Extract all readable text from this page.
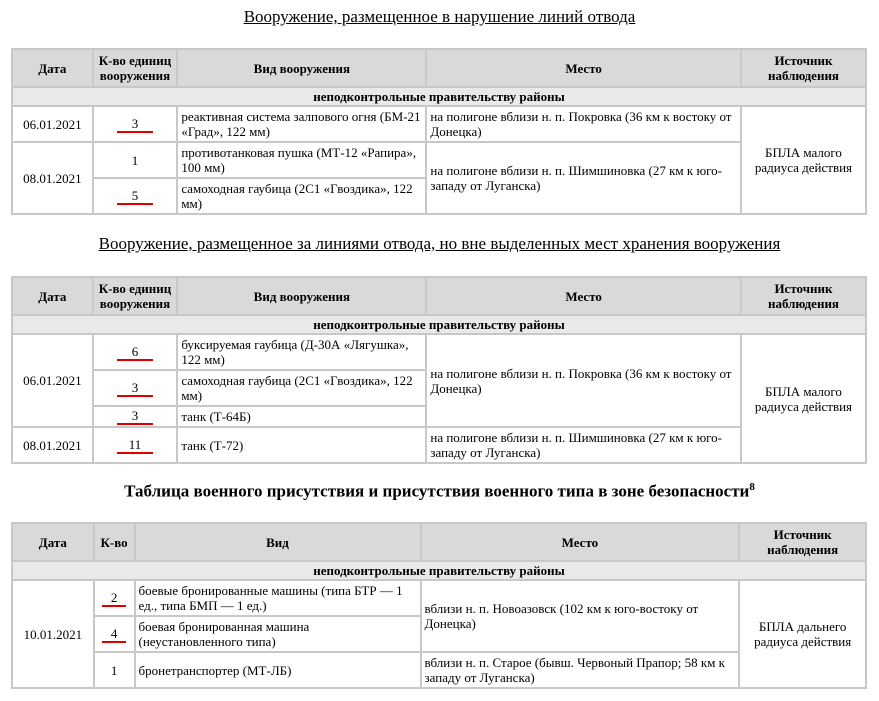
Вооружение, размещенное в нарушение линий отвода
Дата	К-во единиц вооружения	Вид вооружения	Место	Источник наблюдения
неподконтрольные правительству районы				
06.01.2021	3	реактивная система залпового огня (БМ-21 «Град», 122 мм)	на полигоне вблизи н. п. Покровка (36 км к востоку от Донецка)	БПЛА малого радиуса действия
08.01.2021	1	противотанковая пушка (МТ-12 «Рапира», 100 мм)	на полигоне вблизи н. п. Шимшиновка (27 км к юго-западу от Луганска)	
	5	самоходная гаубица (2С1 «Гвоздика», 122 мм)		
Вооружение, размещенное за линиями отвода, но вне выделенных мест хранения вооружения
Дата	К-во единиц вооружения	Вид вооружения	Место	Источник наблюдения
неподконтрольные правительству районы				
06.01.2021	6	буксируемая гаубица (Д-30А «Лягушка», 122 мм)	на полигоне вблизи н. п. Покровка (36 км к востоку от Донецка)	БПЛА малого радиуса действия
	3	самоходная гаубица (2С1 «Гвоздика», 122 мм)		
	3	танк (Т-64Б)		
08.01.2021	11	танк (Т-72)	на полигоне вблизи н. п. Шимшиновка (27 км к юго-западу от Луганска)	
Таблица военного присутствия и присутствия военного типа в зоне безопасности$^8$
Дата	К-во	Вид	Место	Источник наблюдения
неподконтрольные правительству районы				
10.01.2021	2	боевые бронированные машины (типа БТР — 1 ед., типа БМП — 1 ед.)	вблизи н. п. Новоазовск (102 км к юго-востоку от Донецка)	БПЛА дальнего радиуса действия
	4	боевая бронированная машина (неустановленного типа)		
	1	бронетранспортер (МТ-ЛБ)	вблизи н. п. Старое (бывш. Червоный Прапор; 58 км к западу от Луганска)	
